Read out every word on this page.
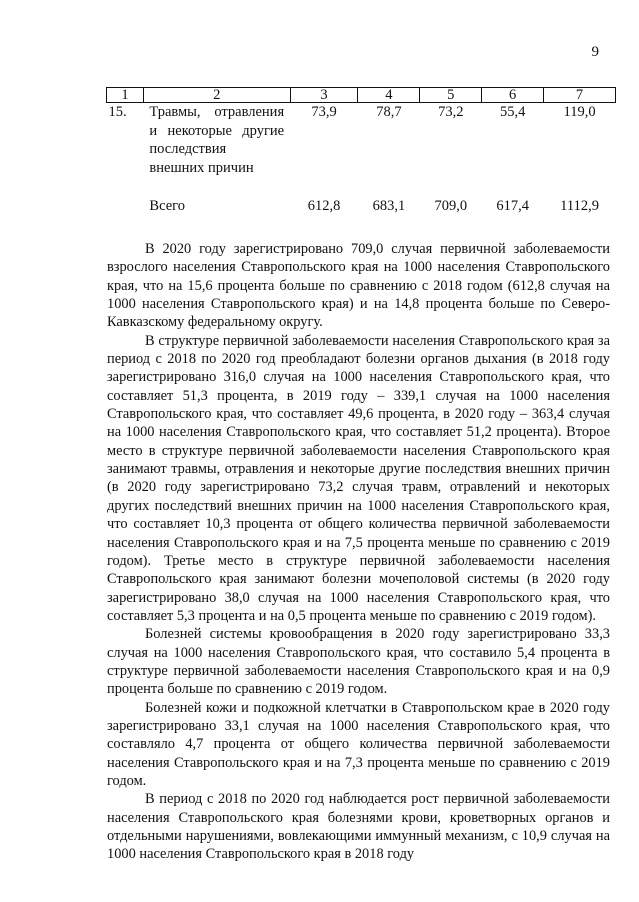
9
1	2	3	4	5	6	7
15.	Травмы, отравления и некоторые другие последствия внешних причин	73,9	78,7	73,2	55,4	119,0
	Всего	612,8	683,1	709,0	617,4	1112,9

В 2020 году зарегистрировано 709,0 случая первичной заболеваемости взрослого населения Ставропольского края на 1000 населения Ставропольского края, что на 15,6 процента больше по сравнению с 2018 годом (612,8 случая на 1000 населения Ставропольского края) и на 14,8 процента больше по Северо-Кавказскому федеральному округу.

В структуре первичной заболеваемости населения Ставропольского края за период с 2018 по 2020 год преобладают болезни органов дыхания (в 2018 году зарегистрировано 316,0 случая на 1000 населения Ставропольского края, что составляет 51,3 процента, в 2019 году – 339,1 случая на 1000 населения Ставропольского края, что составляет 49,6 процента, в 2020 году – 363,4 случая на 1000 населения Ставропольского края, что составляет 51,2 процента). Второе место в структуре первичной заболеваемости населения Ставропольского края занимают травмы, отравления и некоторые другие последствия внешних причин (в 2020 году зарегистрировано 73,2 случая травм, отравлений и некоторых других последствий внешних причин на 1000 населения Ставропольского края, что составляет 10,3 процента от общего количества первичной заболеваемости населения Ставропольского края и на 7,5 процента меньше по сравнению с 2019 годом). Третье место в структуре первичной заболеваемости населения Ставропольского края занимают болезни мочеполовой системы (в 2020 году зарегистрировано 38,0 случая на 1000 населения Ставропольского края, что составляет 5,3 процента и на 0,5 процента меньше по сравнению с 2019 годом).

Болезней системы кровообращения в 2020 году зарегистрировано 33,3 случая на 1000 населения Ставропольского края, что составило 5,4 процента в структуре первичной заболеваемости населения Ставропольского края и на 0,9 процента больше по сравнению с 2019 годом.

Болезней кожи и подкожной клетчатки в Ставропольском крае в 2020 году зарегистрировано 33,1 случая на 1000 населения Ставропольского края, что составляло 4,7 процента от общего количества первичной заболеваемости населения Ставропольского края и на 7,3 процента меньше по сравнению с 2019 годом.

В период с 2018 по 2020 год наблюдается рост первичной заболеваемости населения Ставропольского края болезнями крови, кроветворных органов и отдельными нарушениями, вовлекающими иммунный механизм, с 10,9 случая на 1000 населения Ставропольского края в 2018 году
